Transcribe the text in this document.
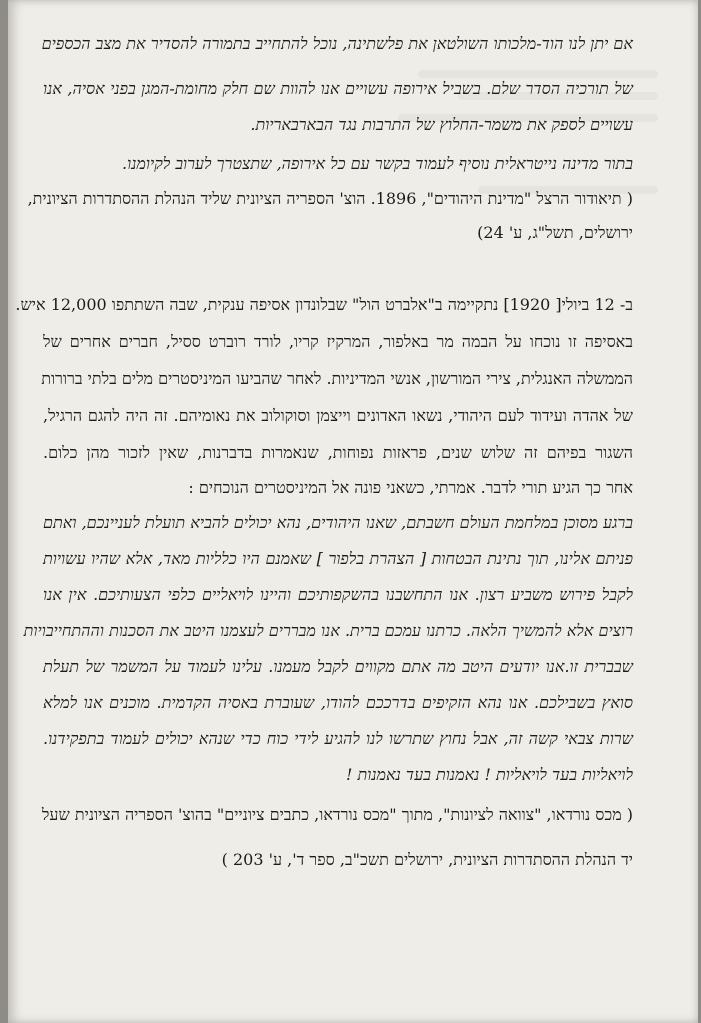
אם יתן לנו הוד-מלכותו השולטאן את פלשתינה, נוכל להתחייב בתמורה להסדיר את מצב הכספים
של תורכיה הסדר שלם. בשביל אירופה עשויים אנו להוות שם חלק מחומת-המגן בפני אסיה, אנו
עשויים לספק את משמר-החלוץ של התרבות נגד הבארבאריות.
בתור מדינה נייטראלית נוסיף לעמוד בקשר עם כל אירופה, שתצטרך לערוב לקיומנו.
( תיאודור הרצל "מדינת היהודים", 1896. הוצ' הספריה הציונית שליד הנהלת ההסתדרות הציונית,
ירושלים, תשל"ג, ע' 24)
ב- 12 ביולי[ 1920] נתקיימה ב"אלברט הול" שבלונדון אסיפה ענקית, שבה השתתפו 12,000 איש.
באסיפה זו נוכחו על הבמה מר באלפור, המרקיז קריו, לורד רוברט ססיל, חברים אחרים של
הממשלה האנגלית, צירי המורשון, אנשי המדיניות. לאחר שהביעו המיניסטרים מלים בלתי ברורות
של אהדה ועידוד לעם היהודי, נשאו האדונים וייצמן וסוקולוב את נאומיהם. זה היה להגם הרגיל,
השגור בפיהם זה שלוש שנים, פראזות נפוחות, שנאמרות בדברנות, שאין לזכור מהן כלום.
אחר כך הגיע תורי לדבר. אמרתי, כשאני פונה אל המיניסטרים הנוכחים :
ברגע מסוכן במלחמת העולם חשבתם, שאנו היהודים, נהא יכולים להביא תועלת לעניינכם, ואתם
פניתם אלינו, תוך נתינת הבטחות [ הצהרת בלפור ] שאמנם היו כלליות מאד, אלא שהיו עשויות
לקבל פירוש משביע רצון. אנו התחשבנו בהשקפותיכם והיינו לויאליים כלפי הצעותיכם. אין אנו
רוצים אלא להמשיך הלאה. כרתנו עמכם ברית. אנו מבררים לעצמנו היטב את הסכנות וההתחייבויות
שבברית זו.אנו יודעים היטב מה אתם מקווים לקבל מעמנו. עלינו לעמוד על המשמר של תעלת
סואץ בשבילכם. אנו נהא הזקיפים בדרככם להודו, שעוברת באסיה הקדמית. מוכנים אנו למלא
שרות צבאי קשה זה, אבל נחוץ שתרשו לנו להגיע לידי כוח כדי שנהא יכולים לעמוד בתפקידנו.
לויאליות בעד לויאליות ! נאמנות בעד נאמנות !
( מכס נורדאו, "צוואה לציונות", מתוך "מכס נורדאו, כתבים ציוניים" בהוצ' הספריה הציונית שעל
יד הנהלת ההסתדרות הציונית, ירושלים תשכ"ב, ספר ד', ע' 203 )
